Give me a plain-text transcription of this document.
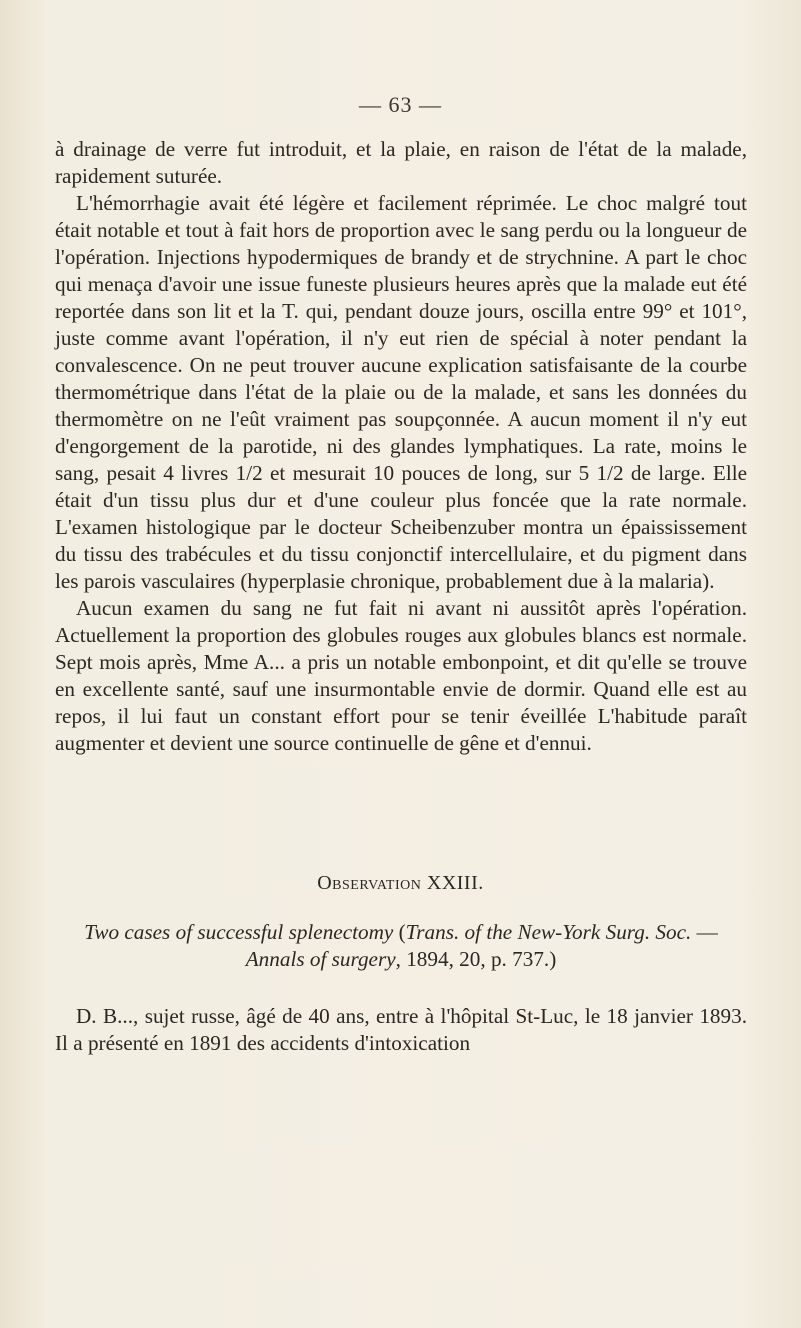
— 63 —

à drainage de verre fut introduit, et la plaie, en raison de l'état de la malade, rapidement suturée.

L'hémorrhagie avait été légère et facilement réprimée. Le choc malgré tout était notable et tout à fait hors de proportion avec le sang perdu ou la longueur de l'opération. Injections hypodermiques de brandy et de strychnine. A part le choc qui menaça d'avoir une issue funeste plusieurs heures après que la malade eut été reportée dans son lit et la T. qui, pendant douze jours, oscilla entre 99° et 101°, juste comme avant l'opération, il n'y eut rien de spécial à noter pendant la convalescence. On ne peut trouver aucune explication satisfaisante de la courbe thermométrique dans l'état de la plaie ou de la malade, et sans les données du thermomètre on ne l'eût vraiment pas soupçonnée. A aucun moment il n'y eut d'engorgement de la parotide, ni des glandes lymphatiques. La rate, moins le sang, pesait 4 livres 1/2 et mesurait 10 pouces de long, sur 5 1/2 de large. Elle était d'un tissu plus dur et d'une couleur plus foncée que la rate normale. L'examen histologique par le docteur Scheibenzuber montra un épaississement du tissu des trabécules et du tissu conjonctif intercellulaire, et du pigment dans les parois vasculaires (hyperplasie chronique, probablement due à la malaria).

Aucun examen du sang ne fut fait ni avant ni aussitôt après l'opération. Actuellement la proportion des globules rouges aux globules blancs est normale. Sept mois après, Mme A... a pris un notable embonpoint, et dit qu'elle se trouve en excellente santé, sauf une insurmontable envie de dormir. Quand elle est au repos, il lui faut un constant effort pour se tenir éveillée L'habitude paraît augmenter et devient une source continuelle de gêne et d'ennui.

Observation XXIII.
Two cases of successful splenectomy (Trans. of the New-York Surg. Soc. — Annals of surgery, 1894, 20, p. 737.)

D. B..., sujet russe, âgé de 40 ans, entre à l'hôpital St-Luc, le 18 janvier 1893. Il a présenté en 1891 des accidents d'intoxication
